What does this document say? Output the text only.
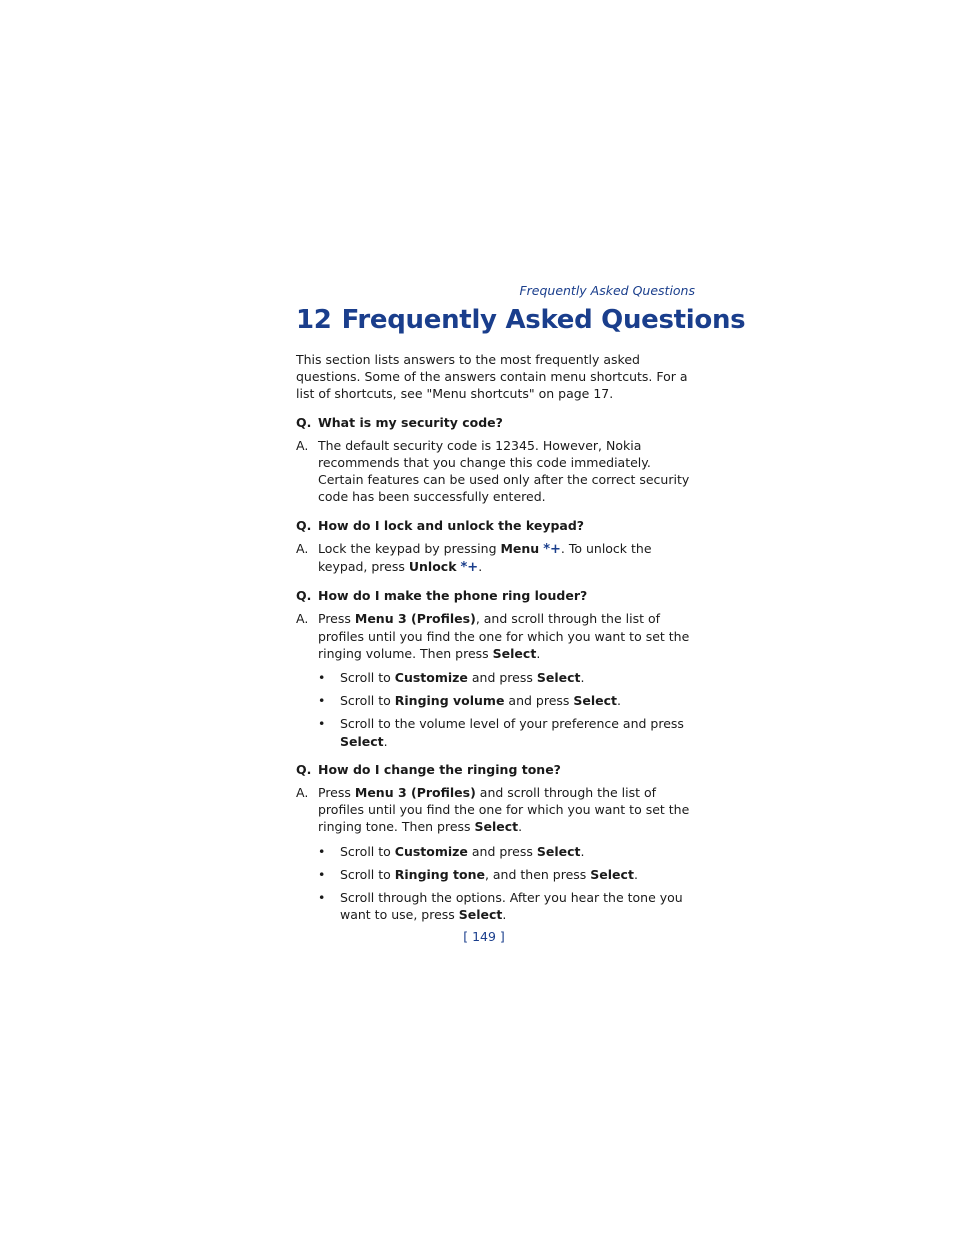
Frequently Asked Questions
12 Frequently Asked Questions

This section lists answers to the most frequently asked questions. Some of the answers contain menu shortcuts. For a list of shortcuts, see "Menu shortcuts" on page 17.

Q. What is my security code?
A. The default security code is 12345. However, Nokia recommends that you change this code immediately. Certain features can be used only after the correct security code has been successfully entered.
Q. How do I lock and unlock the keypad?
A. Lock the keypad by pressing Menu *+. To unlock the keypad, press Unlock *+.
Q. How do I make the phone ring louder?
A. Press Menu 3 (Profiles), and scroll through the list of profiles until you find the one for which you want to set the ringing volume. Then press Select.
•	Scroll to Customize and press Select.
•	Scroll to Ringing volume and press Select.
•	Scroll to the volume level of your preference and press Select.
Q. How do I change the ringing tone?
A. Press Menu 3 (Profiles) and scroll through the list of profiles until you find the one for which you want to set the ringing tone. Then press Select.
•	Scroll to Customize and press Select.
•	Scroll to Ringing tone, and then press Select.
•	Scroll through the options. After you hear the tone you want to use, press Select.
[ 149 ]
